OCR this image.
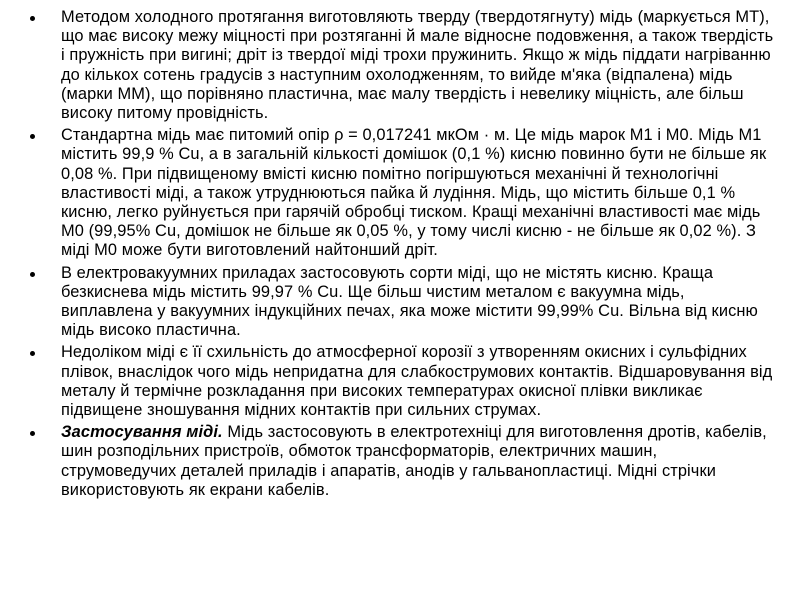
Методом холодного протягання виготовляють тверду (твердотягнуту) мідь (маркується МТ), що має високу межу міцності при розтяганні й мале відносне подовження, а також твердість і пружність при вигині; дріт із твердої міді трохи пружинить. Якщо ж мідь піддати нагріванню до кількох сотень градусів з наступним охолодженням, то вийде м'яка (відпалена) мідь (марки ММ), що порівняно пластична, має малу твердість і невелику міцність, але більш високу питому провідність.
Стандартна мідь має питомий опір ρ = 0,017241 мкОм · м. Це мідь марок М1 і М0. Мідь М1 містить 99,9 % Cu, а в загальній кількості домішок (0,1 %) кисню повинно бути не більше як 0,08 %. При підвищеному вмісті кисню помітно погіршуються механічні й технологічні властивості міді, а також утруднюються пайка й лудіння. Мідь, що містить більше 0,1 % кисню, легко руйнується при гарячій обробці тиском. Кращі механічні властивості має мідь М0 (99,95% Cu, домішок не більше як 0,05 %, у тому числі кисню - не більше як 0,02 %). З міді М0 може бути виготовлений найтонший дріт.
В електровакуумних приладах застосовують сорти міді, що не містять кисню. Краща безкиснева мідь містить 99,97 % Cu. Ще більш чистим металом є вакуумна мідь, виплавлена у вакуумних індукційних печах, яка може містити 99,99% Cu. Вільна від кисню мідь високо пластична.
Недоліком міді є її схильність до атмосферної корозії з утворенням окисних і сульфідних плівок, внаслідок чого мідь непридатна для слабкострумових контактів. Відшаровування від металу й термічне розкладання при високих температурах окисної плівки викликає підвищене зношування мідних контактів при сильних струмах.
Застосування міді. Мідь застосовують в електротехніці для виготовлення дротів, кабелів, шин розподільних пристроїв, обмоток трансформаторів, електричних машин, струмоведучих деталей приладів і апаратів, анодів у гальванопластиці. Мідні стрічки використовують як екрани кабелів.
